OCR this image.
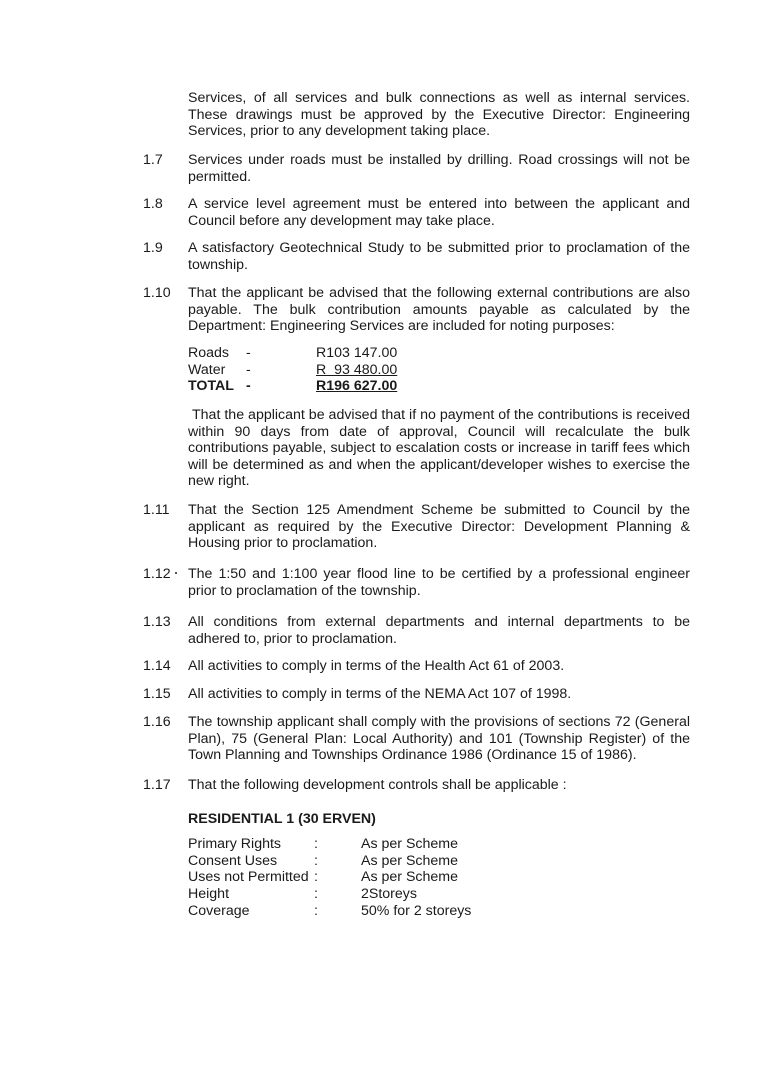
Services, of all services and bulk connections as well as internal services. These drawings must be approved by the Executive Director: Engineering Services, prior to any development taking place.
1.7 Services under roads must be installed by drilling. Road crossings will not be permitted.
1.8 A service level agreement must be entered into between the applicant and Council before any development may take place.
1.9 A satisfactory Geotechnical Study to be submitted prior to proclamation of the township.
1.10 That the applicant be advised that the following external contributions are also payable. The bulk contribution amounts payable as calculated by the Department: Engineering Services are included for noting purposes:
Roads -	R103 147.00
Water -	R  93 480.00
TOTAL -	R196 627.00
That the applicant be advised that if no payment of the contributions is received within 90 days from date of approval, Council will recalculate the bulk contributions payable, subject to escalation costs or increase in tariff fees which will be determined as and when the applicant/developer wishes to exercise the new right.
1.11 That the Section 125 Amendment Scheme be submitted to Council by the applicant as required by the Executive Director: Development Planning & Housing prior to proclamation.
1.12 The 1:50 and 1:100 year flood line to be certified by a professional engineer prior to proclamation of the township.
1.13 All conditions from external departments and internal departments to be adhered to, prior to proclamation.
1.14 All activities to comply in terms of the Health Act 61 of 2003.
1.15 All activities to comply in terms of the NEMA Act 107 of 1998.
1.16 The township applicant shall comply with the provisions of sections 72 (General Plan), 75 (General Plan: Local Authority) and 101 (Township Register) of the Town Planning and Townships Ordinance 1986 (Ordinance 15 of 1986).
1.17 That the following development controls shall be applicable :
RESIDENTIAL 1 (30 ERVEN)
Primary Rights :	As per Scheme
Consent Uses	:	As per Scheme
Uses not Permitted :	As per Scheme
Height	:	2Storeys
Coverage	:	50% for 2 storeys
